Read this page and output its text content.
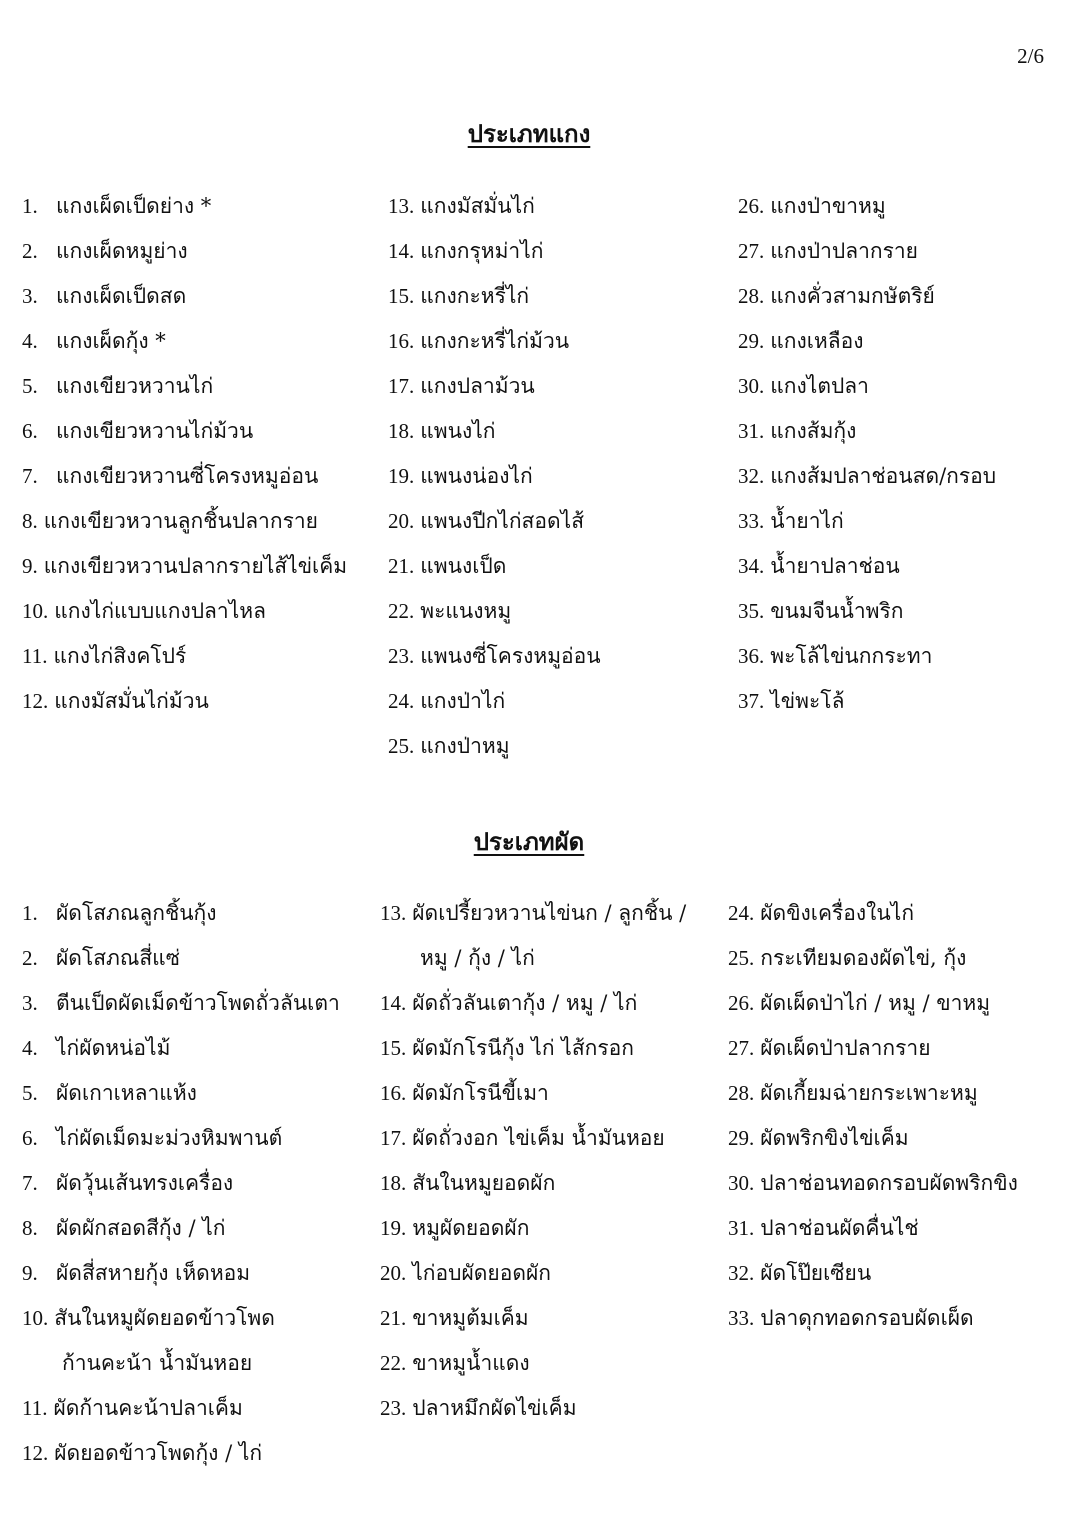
2/6
ประเภทแกง
1. แกงเผ็ดเป็ดย่าง *
2. แกงเผ็ดหมูย่าง
3. แกงเผ็ดเป็ดสด
4. แกงเผ็ดกุ้ง *
5. แกงเขียวหวานไก่
6. แกงเขียวหวานไก่ม้วน
7. แกงเขียวหวานซี่โครงหมูอ่อน
8. แกงเขียวหวานลูกชิ้นปลากราย
9. แกงเขียวหวานปลากรายไส้ไข่เค็ม
10. แกงไก่แบบแกงปลาไหล
11. แกงไก่สิงคโปร์
12. แกงมัสมั่นไก่ม้วน
13. แกงมัสมั่นไก่
14. แกงกรุหม่าไก่
15. แกงกะหรี่ไก่
16. แกงกะหรี่ไก่ม้วน
17. แกงปลาม้วน
18. แพนงไก่
19. แพนงน่องไก่
20. แพนงปีกไก่สอดไส้
21. แพนงเป็ด
22. พะแนงหมู
23. แพนงซี่โครงหมูอ่อน
24. แกงป่าไก่
25. แกงป่าหมู
26. แกงป่าขาหมู
27. แกงป่าปลากราย
28. แกงคั่วสามกษัตริย์
29. แกงเหลือง
30. แกงไตปลา
31. แกงส้มกุ้ง
32. แกงส้มปลาช่อนสด/กรอบ
33. น้ำยาไก่
34. น้ำยาปลาช่อน
35. ขนมจีนน้ำพริก
36. พะโล้ไข่นกกระทา
37. ไข่พะโล้
ประเภทผัด
1. ผัดโสภณลูกชิ้นกุ้ง
2. ผัดโสภณสี่แซ่
3. ตีนเป็ดผัดเม็ดข้าวโพดถั่วลันเตา
4. ไก่ผัดหน่อไม้
5. ผัดเกาเหลาแห้ง
6. ไก่ผัดเม็ดมะม่วงหิมพานต์
7. ผัดวุ้นเส้นทรงเครื่อง
8. ผัดผักสอดสีกุ้ง / ไก่
9. ผัดสี่สหายกุ้ง เห็ดหอม
10. สันในหมูผัดยอดข้าวโพด
ก้านคะน้า น้ำมันหอย
11. ผัดก้านคะน้าปลาเค็ม
12. ผัดยอดข้าวโพดกุ้ง / ไก่
13. ผัดเปรี้ยวหวานไข่นก / ลูกชิ้น /
หมู / กุ้ง / ไก่
14. ผัดถั่วลันเตากุ้ง / หมู / ไก่
15. ผัดมักโรนีกุ้ง ไก่ ไส้กรอก
16. ผัดมักโรนีขี้เมา
17. ผัดถั่วงอก ไข่เค็ม น้ำมันหอย
18. สันในหมูยอดผัก
19. หมูผัดยอดผัก
20. ไก่อบผัดยอดผัก
21. ขาหมูต้มเค็ม
22. ขาหมูน้ำแดง
23. ปลาหมึกผัดไข่เค็ม
24. ผัดขิงเครื่องในไก่
25. กระเทียมดองผัดไข่, กุ้ง
26. ผัดเผ็ดป่าไก่ / หมู / ขาหมู
27. ผัดเผ็ดป่าปลากราย
28. ผัดเกี้ยมฉ่ายกระเพาะหมู
29. ผัดพริกขิงไข่เค็ม
30. ปลาช่อนทอดกรอบผัดพริกขิง
31. ปลาช่อนผัดคื่นไช่
32. ผัดโป๊ยเซียน
33. ปลาดุกทอดกรอบผัดเผ็ด
